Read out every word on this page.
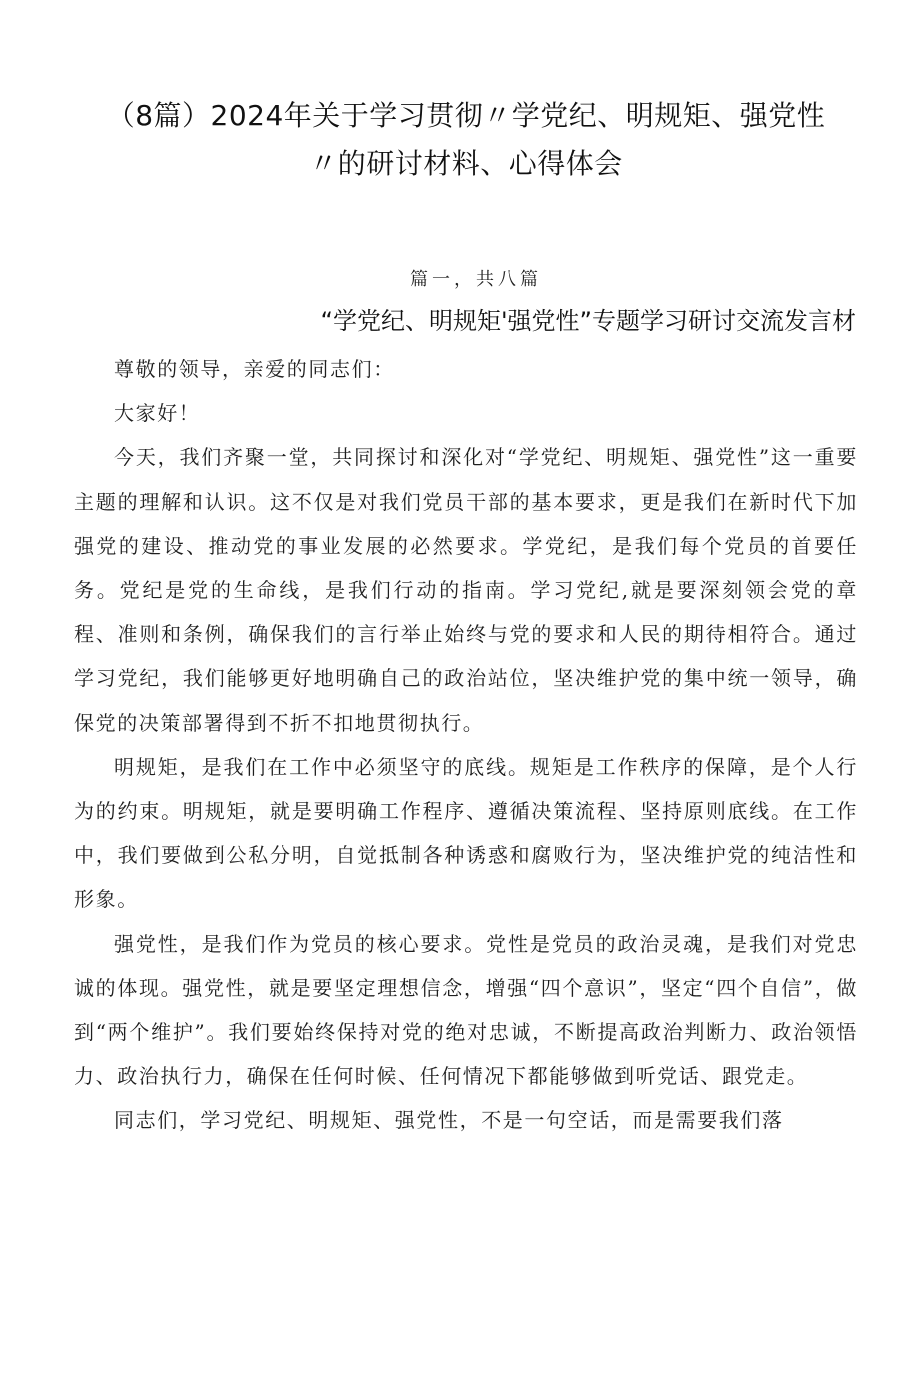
（8篇）2024年关于学习贯彻〃学党纪、明规矩、强党性〃的研讨材料、心得体会
篇一，共八篇
“学党纪、明规矩'强党性”专题学习研讨交流发言材

尊敬的领导，亲爱的同志们：

大家好！

今天，我们齐聚一堂，共同探讨和深化对“学党纪、明规矩、强党性”这一重要主题的理解和认识。这不仅是对我们党员干部的基本要求，更是我们在新时代下加强党的建设、推动党的事业发展的必然要求。学党纪，是我们每个党员的首要任务。党纪是党的生命线，是我们行动的指南。学习党纪,就是要深刻领会党的章程、准则和条例，确保我们的言行举止始终与党的要求和人民的期待相符合。通过学习党纪，我们能够更好地明确自己的政治站位，坚决维护党的集中统一领导，确保党的决策部署得到不折不扣地贯彻执行。

明规矩，是我们在工作中必须坚守的底线。规矩是工作秩序的保障，是个人行为的约束。明规矩，就是要明确工作程序、遵循决策流程、坚持原则底线。在工作中，我们要做到公私分明，自觉抵制各种诱惑和腐败行为，坚决维护党的纯洁性和形象。

强党性，是我们作为党员的核心要求。党性是党员的政治灵魂，是我们对党忠诚的体现。强党性，就是要坚定理想信念，增强“四个意识”，坚定“四个自信”，做到“两个维护”。我们要始终保持对党的绝对忠诚，不断提高政治判断力、政治领悟力、政治执行力，确保在任何时候、任何情况下都能够做到听党话、跟党走。

同志们，学习党纪、明规矩、强党性，不是一句空话，而是需要我们落
